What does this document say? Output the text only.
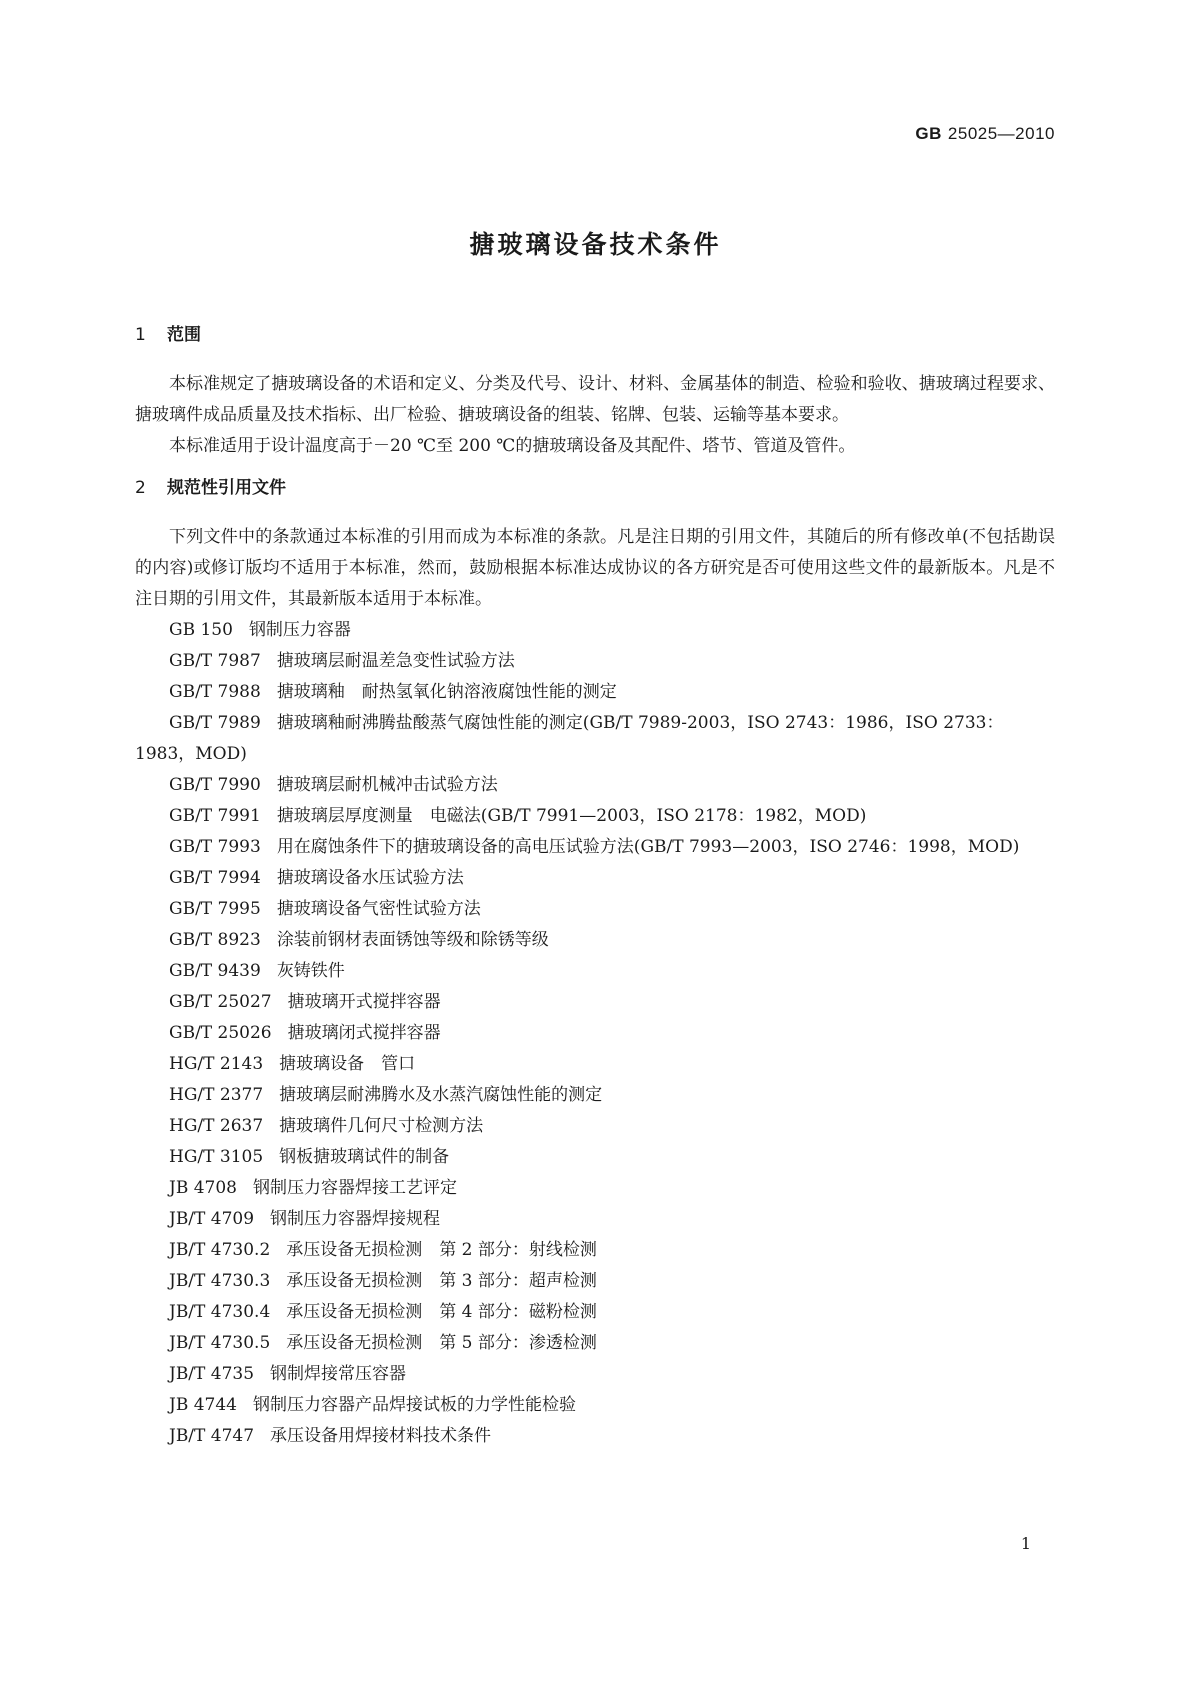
GB 25025—2010
搪玻璃设备技术条件
1 范围

本标准规定了搪玻璃设备的术语和定义、分类及代号、设计、材料、金属基体的制造、检验和验收、搪玻璃过程要求、搪玻璃件成品质量及技术指标、出厂检验、搪玻璃设备的组装、铭牌、包装、运输等基本要求。

本标准适用于设计温度高于－20 ℃至 200 ℃的搪玻璃设备及其配件、塔节、管道及管件。

2 规范性引用文件

下列文件中的条款通过本标准的引用而成为本标准的条款。凡是注日期的引用文件，其随后的所有修改单(不包括勘误的内容)或修订版均不适用于本标准，然而，鼓励根据本标准达成协议的各方研究是否可使用这些文件的最新版本。凡是不注日期的引用文件，其最新版本适用于本标准。

GB 150 钢制压力容器

GB/T 7987 搪玻璃层耐温差急变性试验方法

GB/T 7988 搪玻璃釉　耐热氢氧化钠溶液腐蚀性能的测定

GB/T 7989 搪玻璃釉耐沸腾盐酸蒸气腐蚀性能的测定(GB/T 7989-2003，ISO 2743：1986，ISO 2733：1983，MOD)

GB/T 7990 搪玻璃层耐机械冲击试验方法

GB/T 7991 搪玻璃层厚度测量　电磁法(GB/T 7991—2003，ISO 2178：1982，MOD)

GB/T 7993 用在腐蚀条件下的搪玻璃设备的高电压试验方法(GB/T 7993—2003，ISO 2746：1998，MOD)

GB/T 7994 搪玻璃设备水压试验方法

GB/T 7995 搪玻璃设备气密性试验方法

GB/T 8923 涂装前钢材表面锈蚀等级和除锈等级

GB/T 9439 灰铸铁件

GB/T 25027 搪玻璃开式搅拌容器

GB/T 25026 搪玻璃闭式搅拌容器

HG/T 2143 搪玻璃设备　管口

HG/T 2377 搪玻璃层耐沸腾水及水蒸汽腐蚀性能的测定

HG/T 2637 搪玻璃件几何尺寸检测方法

HG/T 3105 钢板搪玻璃试件的制备

JB 4708 钢制压力容器焊接工艺评定

JB/T 4709 钢制压力容器焊接规程

JB/T 4730.2 承压设备无损检测　第 2 部分：射线检测

JB/T 4730.3 承压设备无损检测　第 3 部分：超声检测

JB/T 4730.4 承压设备无损检测　第 4 部分：磁粉检测

JB/T 4730.5 承压设备无损检测　第 5 部分：渗透检测

JB/T 4735 钢制焊接常压容器

JB 4744 钢制压力容器产品焊接试板的力学性能检验

JB/T 4747 承压设备用焊接材料技术条件

1
